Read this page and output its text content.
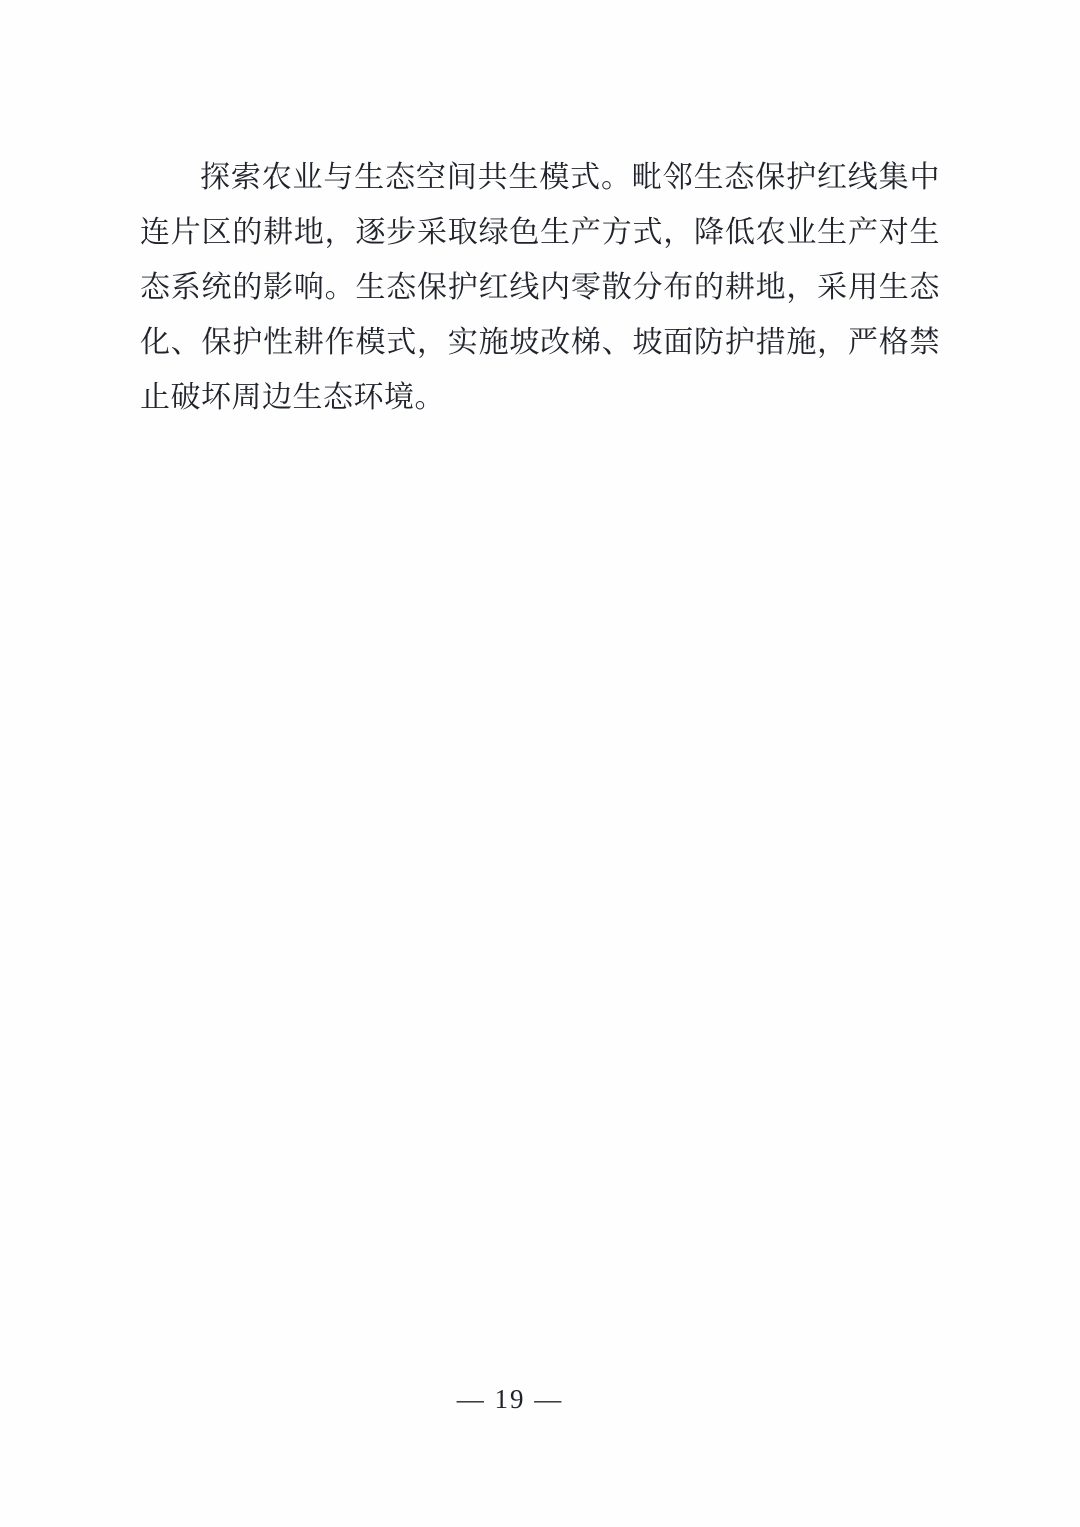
探索农业与生态空间共生模式。毗邻生态保护红线集中连片区的耕地，逐步采取绿色生产方式，降低农业生产对生态系统的影响。生态保护红线内零散分布的耕地，采用生态化、保护性耕作模式，实施坡改梯、坡面防护措施，严格禁止破坏周边生态环境。

— 19 —
